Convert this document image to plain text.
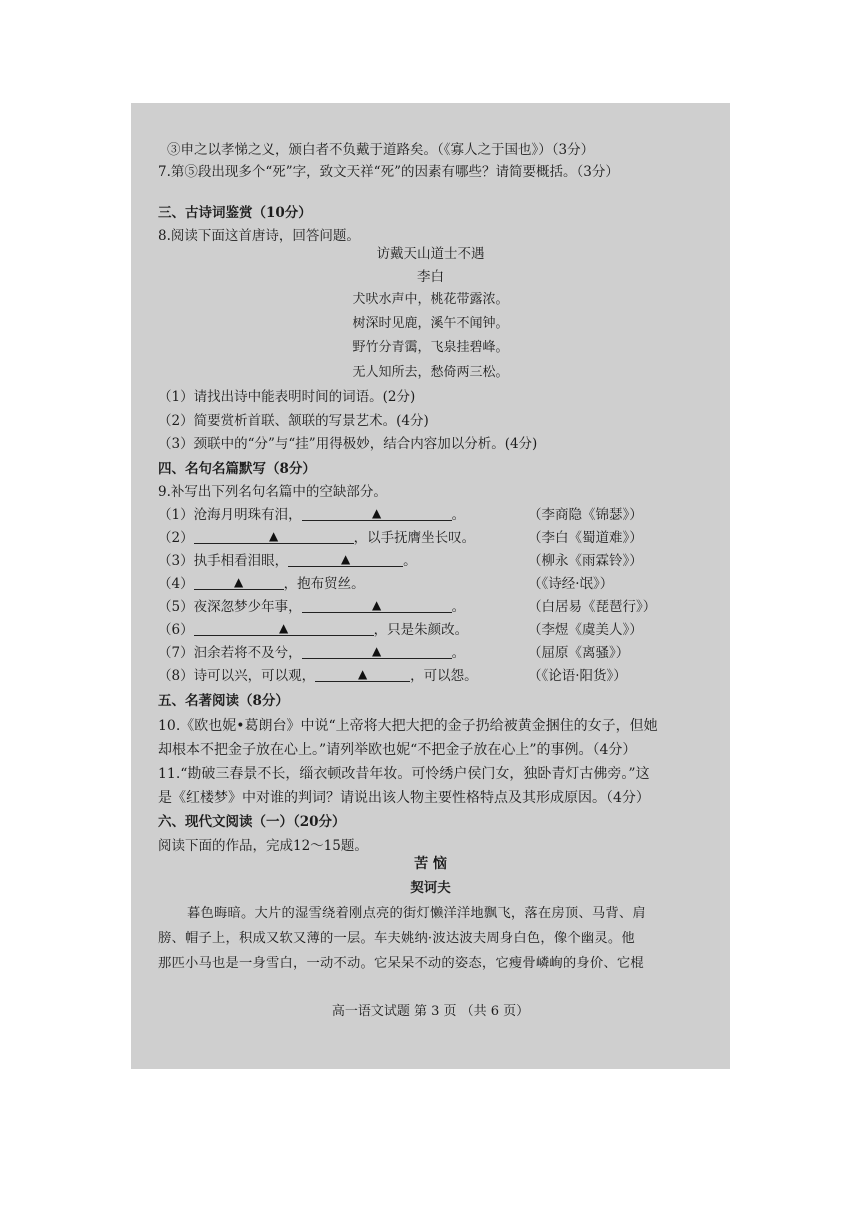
③申之以孝悌之义，颁白者不负戴于道路矣。（《寡人之于国也》）（3分）
7.第⑤段出现多个“死”字，致文天祥“死”的因素有哪些？请简要概括。（3分）
三、古诗词鉴赏（10分）
8.阅读下面这首唐诗，回答问题。
访戴天山道士不遇
李白
犬吠水声中，桃花带露浓。
树深时见鹿，溪午不闻钟。
野竹分青霭，飞泉挂碧峰。
无人知所去，愁倚两三松。
（1）请找出诗中能表明时间的词语。(2分)
（2）简要赏析首联、颔联的写景艺术。(4分)
（3）颈联中的“分”与“挂”用得极妙，结合内容加以分析。(4分)
四、名句名篇默写（8分）
9.补写出下列名句名篇中的空缺部分。
（1）沧海月明珠有泪，	▲	。	（李商隐《锦瑟》）
（2）	▲	，以手抚膺坐长叹。	（李白《蜀道难》）
（3）执手相看泪眼，	▲	。	（柳永《雨霖铃》）
（4）	▲	，抱布贸丝。	（《诗经·氓》）
（5）夜深忽梦少年事，	▲	。	（白居易《琵琶行》）
（6）	▲	，只是朱颜改。	（李煜《虞美人》）
（7）汩余若将不及兮，	▲	。	（屈原《离骚》）
（8）诗可以兴，可以观，	▲	，可以怨。	（《论语·阳货》）
五、名著阅读（8分）
10.《欧也妮•葛朗台》中说“上帝将大把大把的金子扔给被黄金捆住的女子，但她
却根本不把金子放在心上。”请列举欧也妮“不把金子放在心上”的事例。（4分）
11.“勘破三春景不长，缁衣顿改昔年妆。可怜绣户侯门女，独卧青灯古佛旁。”这
是《红楼梦》中对谁的判词？请说出该人物主要性格特点及其形成原因。（4分）
六、现代文阅读（一）（20分）
阅读下面的作品，完成12～15题。
苦 恼
契诃夫
暮色晦暗。大片的湿雪绕着刚点亮的街灯懒洋洋地飘飞，落在房顶、马背、肩
膀、帽子上，积成又软又薄的一层。车夫姚纳·波达波夫周身白色，像个幽灵。他
那匹小马也是一身雪白，一动不动。它呆呆不动的姿态，它瘦骨嶙峋的身价、它棍
高一语文试题 第 3 页 （共 6 页）
